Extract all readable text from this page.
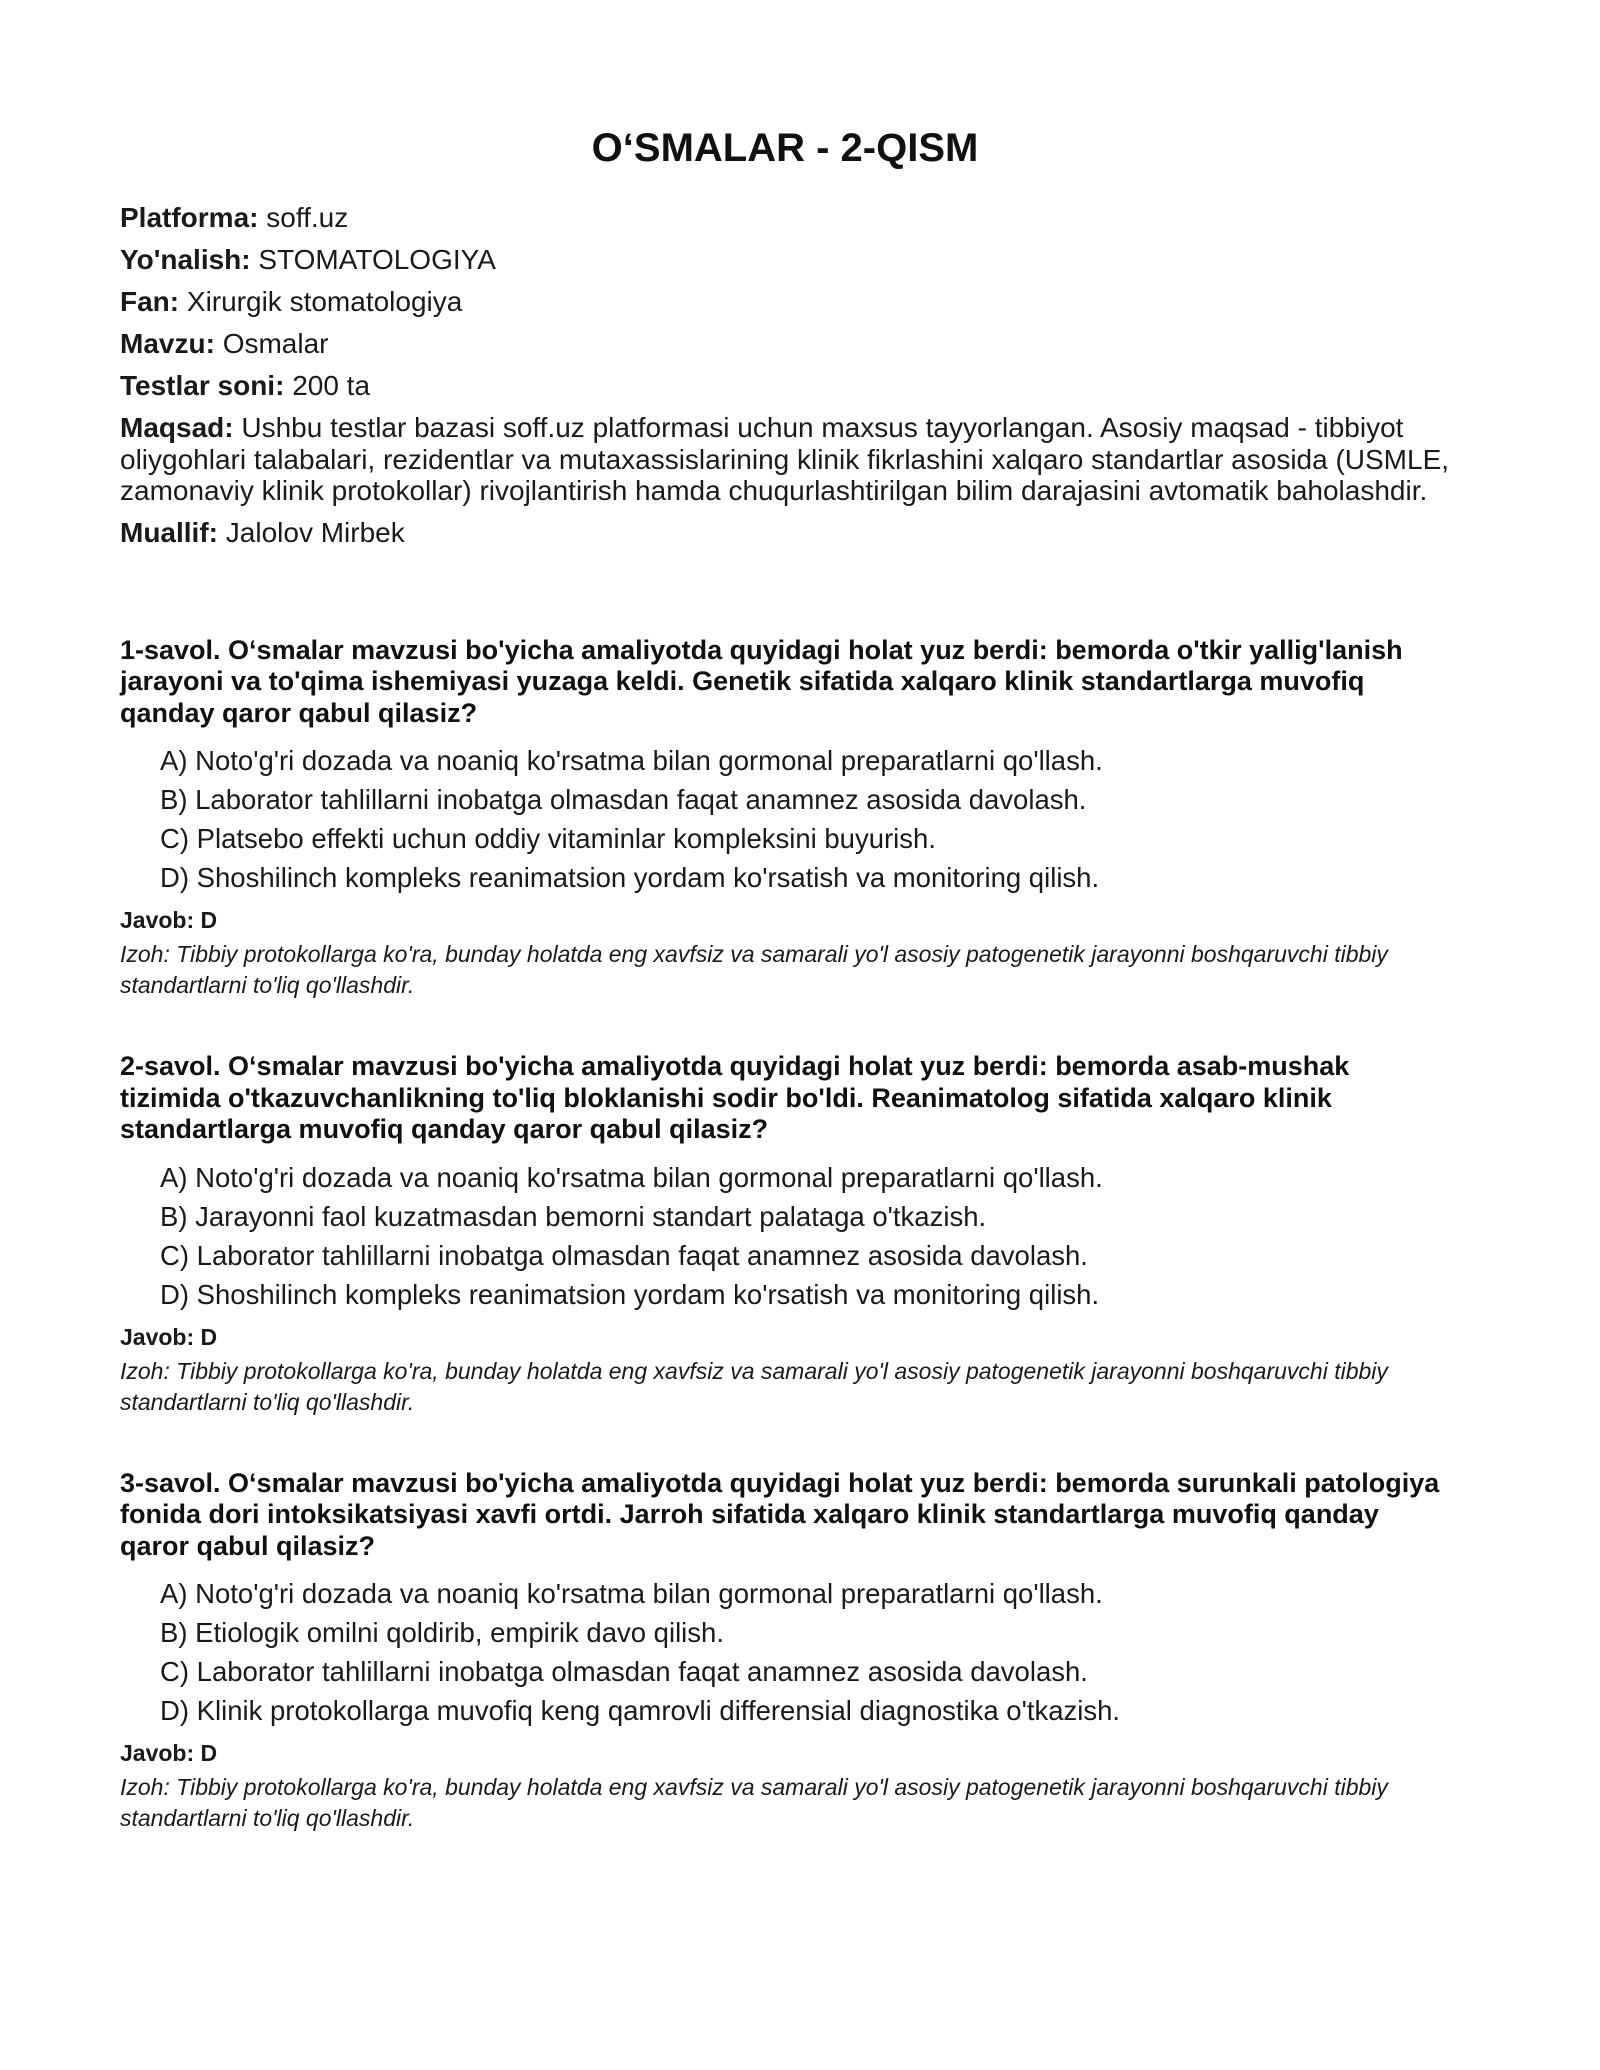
O‘SMALAR - 2-QISM

Platforma: soff.uz

Yo'nalish: STOMATOLOGIYA

Fan: Xirurgik stomatologiya

Mavzu: Osmalar

Testlar soni: 200 ta

Maqsad: Ushbu testlar bazasi soff.uz platformasi uchun maxsus tayyorlangan. Asosiy maqsad - tibbiyot oliygohlari talabalari, rezidentlar va mutaxassislarining klinik fikrlashini xalqaro standartlar asosida (USMLE, zamonaviy klinik protokollar) rivojlantirish hamda chuqurlashtirilgan bilim darajasini avtomatik baholashdir.

Muallif: Jalolov Mirbek

1-savol. O‘smalar mavzusi bo'yicha amaliyotda quyidagi holat yuz berdi: bemorda o'tkir yallig'lanish jarayoni va to'qima ishemiyasi yuzaga keldi. Genetik sifatida xalqaro klinik standartlarga muvofiq qanday qaror qabul qilasiz?

A) Noto'g'ri dozada va noaniq ko'rsatma bilan gormonal preparatlarni qo'llash.
B) Laborator tahlillarni inobatga olmasdan faqat anamnez asosida davolash.
C) Platsebo effekti uchun oddiy vitaminlar kompleksini buyurish.
D) Shoshilinch kompleks reanimatsion yordam ko'rsatish va monitoring qilish.

Javob: D

Izoh: Tibbiy protokollarga ko'ra, bunday holatda eng xavfsiz va samarali yo'l asosiy patogenetik jarayonni boshqaruvchi tibbiy standartlarni to'liq qo'llashdir.

2-savol. O‘smalar mavzusi bo'yicha amaliyotda quyidagi holat yuz berdi: bemorda asab-mushak tizimida o'tkazuvchanlikning to'liq bloklanishi sodir bo'ldi. Reanimatolog sifatida xalqaro klinik standartlarga muvofiq qanday qaror qabul qilasiz?

A) Noto'g'ri dozada va noaniq ko'rsatma bilan gormonal preparatlarni qo'llash.
B) Jarayonni faol kuzatmasdan bemorni standart palataga o'tkazish.
C) Laborator tahlillarni inobatga olmasdan faqat anamnez asosida davolash.
D) Shoshilinch kompleks reanimatsion yordam ko'rsatish va monitoring qilish.

Javob: D

Izoh: Tibbiy protokollarga ko'ra, bunday holatda eng xavfsiz va samarali yo'l asosiy patogenetik jarayonni boshqaruvchi tibbiy standartlarni to'liq qo'llashdir.

3-savol. O‘smalar mavzusi bo'yicha amaliyotda quyidagi holat yuz berdi: bemorda surunkali patologiya fonida dori intoksikatsiyasi xavfi ortdi. Jarroh sifatida xalqaro klinik standartlarga muvofiq qanday qaror qabul qilasiz?

A) Noto'g'ri dozada va noaniq ko'rsatma bilan gormonal preparatlarni qo'llash.
B) Etiologik omilni qoldirib, empirik davo qilish.
C) Laborator tahlillarni inobatga olmasdan faqat anamnez asosida davolash.
D) Klinik protokollarga muvofiq keng qamrovli differensial diagnostika o'tkazish.

Javob: D

Izoh: Tibbiy protokollarga ko'ra, bunday holatda eng xavfsiz va samarali yo'l asosiy patogenetik jarayonni boshqaruvchi tibbiy standartlarni to'liq qo'llashdir.
